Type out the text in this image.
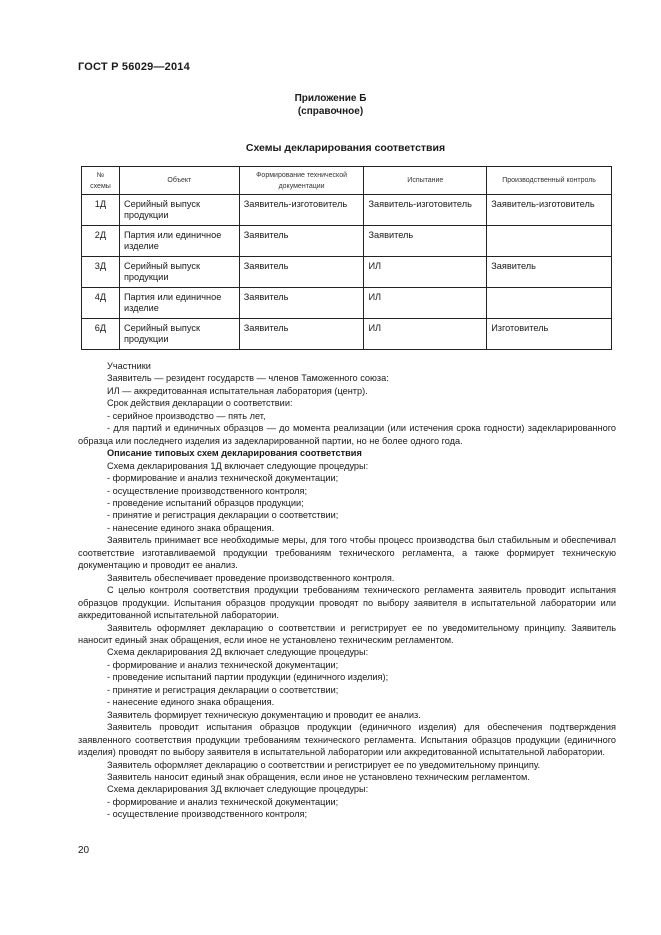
ГОСТ Р 56029—2014
Приложение Б
(справочное)
Схемы декларирования соответствия
№ схемы	Объект	Формирование технической документации	Испытание	Производственный контроль
1Д	Серийный выпуск продукции	Заявитель-изготовитель	Заявитель-изготовитель	Заявитель-изготовитель
2Д	Партия или единичное изделие	Заявитель	Заявитель	
3Д	Серийный выпуск продукции	Заявитель	ИЛ	Заявитель
4Д	Партия или единичное изделие	Заявитель	ИЛ	
6Д	Серийный выпуск продукции	Заявитель	ИЛ	Изготовитель

Участники

Заявитель — резидент государств — членов Таможенного союза:

ИЛ — аккредитованная испытательная лаборатория (центр).

Срок действия декларации о соответствии:

- серийное производство — пять лет,

- для партий и единичных образцов — до момента реализации (или истечения срока годности) задекларированного образца или последнего изделия из задекларированной партии, но не более одного года.

Описание типовых схем декларирования соответствия

Схема декларирования 1Д включает следующие процедуры:

- формирование и анализ технической документации;

- осуществление производственного контроля;

- проведение испытаний образцов продукции;

- принятие и регистрация декларации о соответствии;

- нанесение единого знака обращения.

Заявитель принимает все необходимые меры, для того чтобы процесс производства был стабильным и обеспечивал соответствие изготавливаемой продукции требованиям технического регламента, а также формирует техническую документацию и проводит ее анализ.

Заявитель обеспечивает проведение производственного контроля.

С целью контроля соответствия продукции требованиям технического регламента заявитель проводит испытания образцов продукции. Испытания образцов продукции проводят по выбору заявителя в испытательной лаборатории или аккредитованной испытательной лаборатории.

Заявитель оформляет декларацию о соответствии и регистрирует ее по уведомительному принципу. Заявитель наносит единый знак обращения, если иное не установлено техническим регламентом.

Схема декларирования 2Д включает следующие процедуры:

- формирование и анализ технической документации;

- проведение испытаний партии продукции (единичного изделия);

- принятие и регистрация декларации о соответствии;

- нанесение единого знака обращения.

Заявитель формирует техническую документацию и проводит ее анализ.

Заявитель проводит испытания образцов продукции (единичного изделия) для обеспечения подтверждения заявленного соответствия продукции требованиям технического регламента. Испытания образцов продукции (единичного изделия) проводят по выбору заявителя в испытательной лаборатории или аккредитованной испытательной лаборатории.

Заявитель оформляет декларацию о соответствии и регистрирует ее по уведомительному принципу.

Заявитель наносит единый знак обращения, если иное не установлено техническим регламентом.

Схема декларирования 3Д включает следующие процедуры:

- формирование и анализ технической документации;

- осуществление производственного контроля;

20
